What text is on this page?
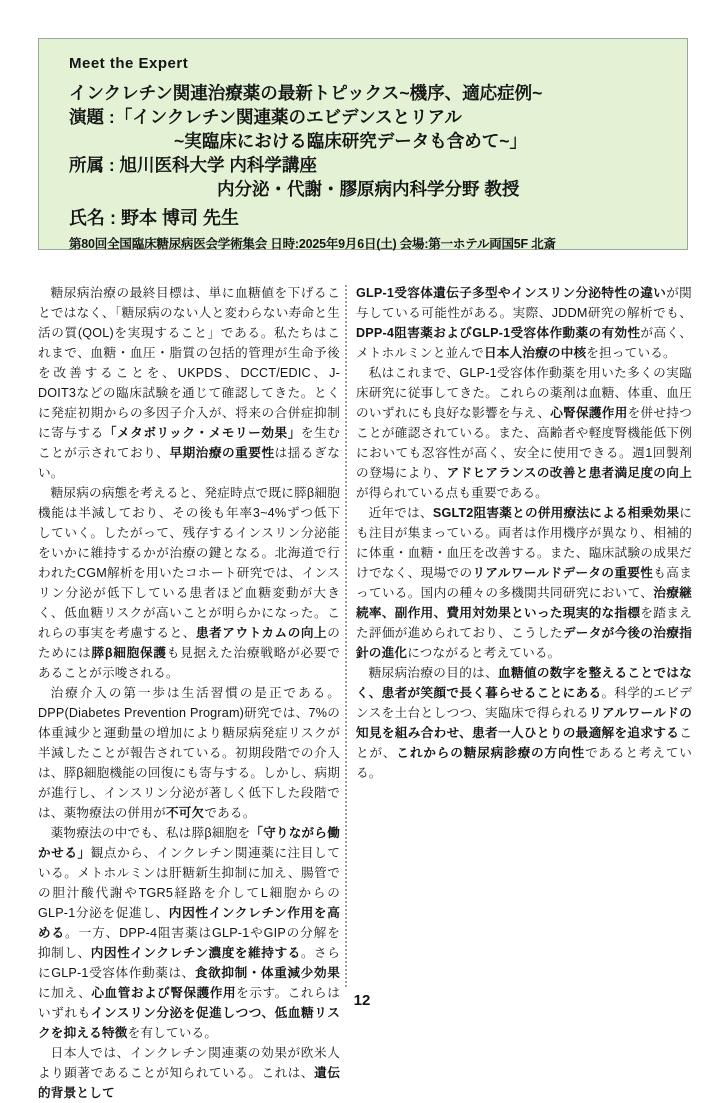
Meet the Expert
インクレチン関連治療薬の最新トピックス~機序、適応症例~
演題 :「インクレチン関連薬のエビデンスとリアル
~実臨床における臨床研究データも含めて~」
所属 : 旭川医科大学 内科学講座
内分泌・代謝・膠原病内科学分野 教授
氏名 : 野本 博司 先生
第80回全国臨床糖尿病医会学術集会 日時:2025年9月6日(土) 会場:第一ホテル両国5F 北斎

糖尿病治療の最終目標は、単に血糖値を下げることではなく、「糖尿病のない人と変わらない寿命と生活の質(QOL)を実現すること」である。私たちはこれまで、血糖・血圧・脂質の包括的管理が生命予後を改善することを、UKPDS、DCCT/EDIC、J-DOIT3などの臨床試験を通じて確認してきた。とくに発症初期からの多因子介入が、将来の合併症抑制に寄与する「メタボリック・メモリー効果」を生むことが示されており、早期治療の重要性は揺るぎない。

糖尿病の病態を考えると、発症時点で既に膵β細胞機能は半減しており、その後も年率3~4%ずつ低下していく。したがって、残存するインスリン分泌能をいかに維持するかが治療の鍵となる。北海道で行われたCGM解析を用いたコホート研究では、インスリン分泌が低下している患者ほど血糖変動が大きく、低血糖リスクが高いことが明らかになった。これらの事実を考慮すると、患者アウトカムの向上のためには膵β細胞保護も見据えた治療戦略が必要であることが示唆される。

治療介入の第一歩は生活習慣の是正である。DPP(Diabetes Prevention Program)研究では、7%の体重減少と運動量の増加により糖尿病発症リスクが半減したことが報告されている。初期段階での介入は、膵β細胞機能の回復にも寄与する。しかし、病期が進行し、インスリン分泌が著しく低下した段階では、薬物療法の併用が不可欠である。

薬物療法の中でも、私は膵β細胞を「守りながら働かせる」観点から、インクレチン関連薬に注目している。メトホルミンは肝糖新生抑制に加え、腸管での胆汁酸代謝やTGR5経路を介してL細胞からのGLP-1分泌を促進し、内因性インクレチン作用を高める。一方、DPP-4阻害薬はGLP-1やGIPの分解を抑制し、内因性インクレチン濃度を維持する。さらにGLP-1受容体作動薬は、食欲抑制・体重減少効果に加え、心血管および腎保護作用を示す。これらはいずれもインスリン分泌を促進しつつ、低血糖リスクを抑える特徴を有している。

日本人では、インクレチン関連薬の効果が欧米人より顕著であることが知られている。これは、遺伝的背景として

GLP-1受容体遺伝子多型やインスリン分泌特性の違いが関与している可能性がある。実際、JDDM研究の解析でも、DPP-4阻害薬およびGLP-1受容体作動薬の有効性が高く、メトホルミンと並んで日本人治療の中核を担っている。

私はこれまで、GLP-1受容体作動薬を用いた多くの実臨床研究に従事してきた。これらの薬剤は血糖、体重、血圧のいずれにも良好な影響を与え、心腎保護作用を併せ持つことが確認されている。また、高齢者や軽度腎機能低下例においても忍容性が高く、安全に使用できる。週1回製剤の登場により、アドヒアランスの改善と患者満足度の向上が得られている点も重要である。

近年では、SGLT2阻害薬との併用療法による相乗効果にも注目が集まっている。両者は作用機序が異なり、相補的に体重・血糖・血圧を改善する。また、臨床試験の成果だけでなく、現場でのリアルワールドデータの重要性も高まっている。国内の種々の多機関共同研究において、治療継続率、副作用、費用対効果といった現実的な指標を踏まえた評価が進められており、こうしたデータが今後の治療指針の進化につながると考えている。

糖尿病治療の目的は、血糖値の数字を整えることではなく、患者が笑顔で長く暮らせることにある。科学的エビデンスを土台としつつ、実臨床で得られるリアルワールドの知見を組み合わせ、患者一人ひとりの最適解を追求することが、これからの糖尿病診療の方向性であると考えている。

12
